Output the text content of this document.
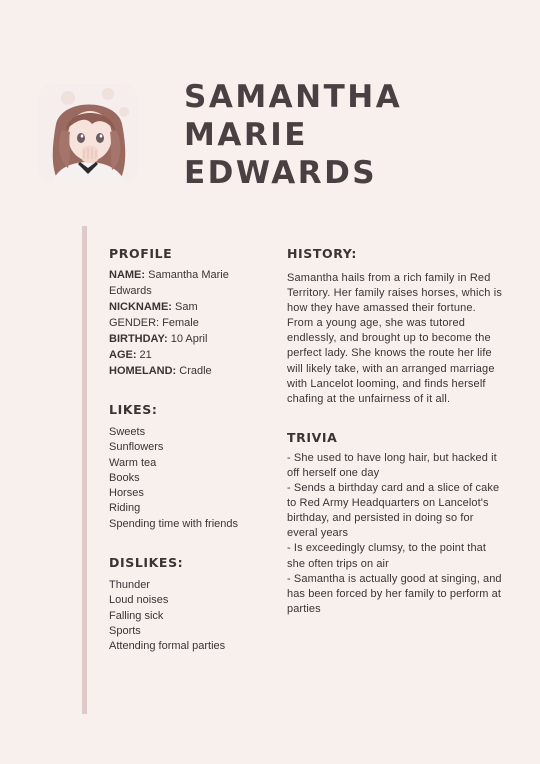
SAMANTHA
MARIE
EDWARDS
PROFILE
NAME: Samantha Marie Edwards
NICKNAME: Sam
GENDER: Female
BIRTHDAY: 10 April
AGE: 21
HOMELAND: Cradle
LIKES:
Sweets
Sunflowers
Warm tea
Books
Horses
Riding
Spending time with friends
DISLIKES:
Thunder
Loud noises
Falling sick
Sports
Attending formal parties
HISTORY:
Samantha hails from a rich family in Red Territory. Her family raises horses, which is how they have amassed their fortune. From a young age, she was tutored endlessly, and brought up to become the perfect lady. She knows the route her life will likely take, with an arranged marriage with Lancelot looming, and finds herself chafing at the unfairness of it all.
TRIVIA
- She used to have long hair, but hacked it off herself one day
- Sends a birthday card and a slice of cake to Red Army Headquarters on Lancelot's birthday, and persisted in doing so for everal years
- Is exceedingly clumsy, to the point that she often trips on air
- Samantha is actually good at singing, and has been forced by her family to perform at parties
